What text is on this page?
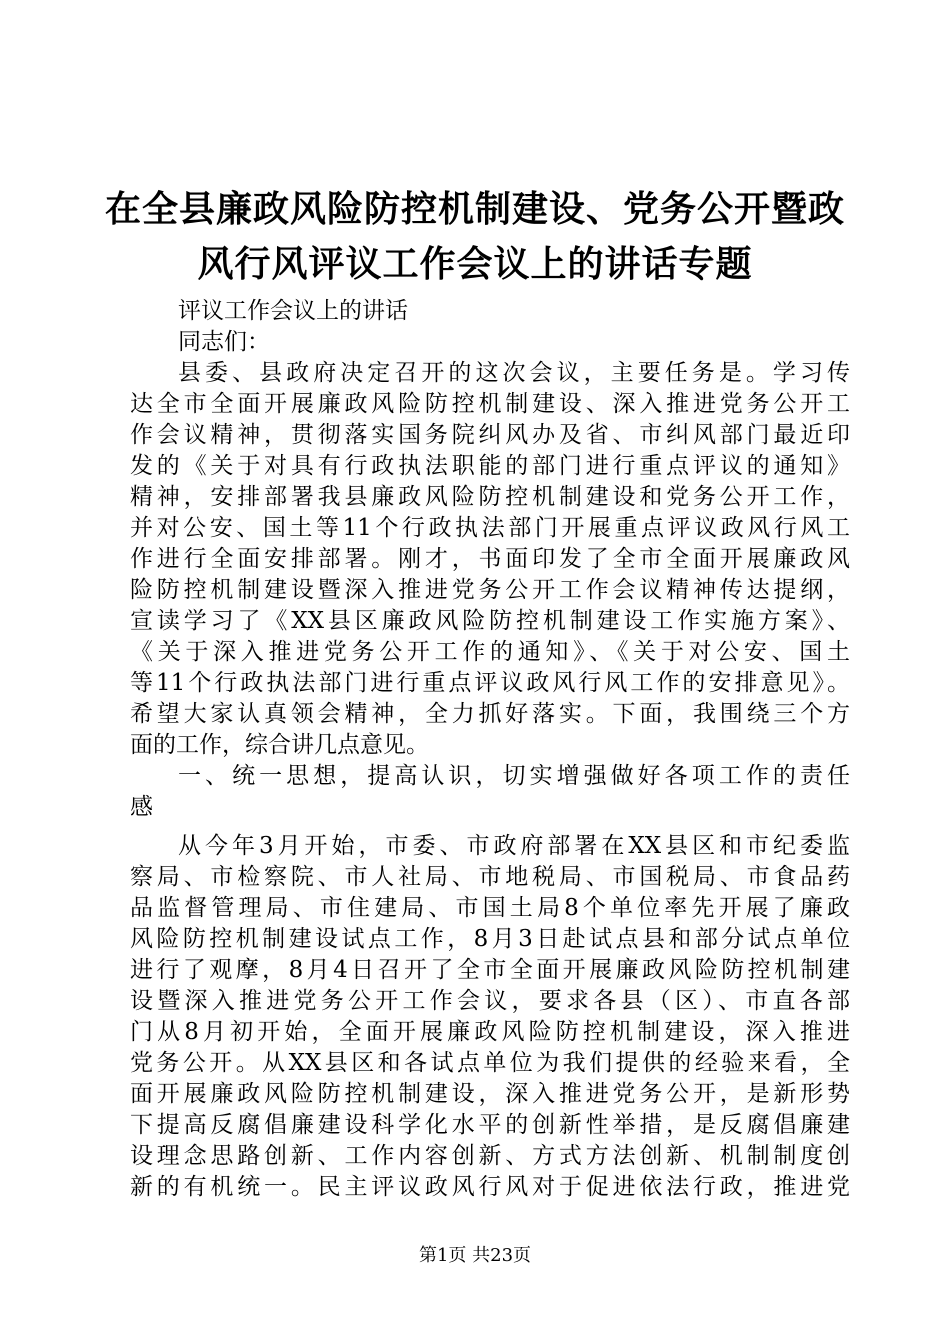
在全县廉政风险防控机制建设、党务公开暨政
风行风评议工作会议上的讲话专题
评议工作会议上的讲话
同志们：
县委、县政府决定召开的这次会议，主要任务是。学习传
达全市全面开展廉政风险防控机制建设、深入推进党务公开工
作会议精神，贯彻落实国务院纠风办及省、市纠风部门最近印
发的《关于对具有行政执法职能的部门进行重点评议的通知》
精神，安排部署我县廉政风险防控机制建设和党务公开工作，
并对公安、国土等11个行政执法部门开展重点评议政风行风工
作进行全面安排部署。刚才，书面印发了全市全面开展廉政风
险防控机制建设暨深入推进党务公开工作会议精神传达提纲，
宣读学习了《XX县区廉政风险防控机制建设工作实施方案》、
《关于深入推进党务公开工作的通知》、《关于对公安、国土
等11个行政执法部门进行重点评议政风行风工作的安排意见》。
希望大家认真领会精神，全力抓好落实。下面，我围绕三个方
面的工作，综合讲几点意见。
一、统一思想，提高认识，切实增强做好各项工作的责任
感
从今年3月开始，市委、市政府部署在XX县区和市纪委监
察局、市检察院、市人社局、市地税局、市国税局、市食品药
品监督管理局、市住建局、市国土局8个单位率先开展了廉政
风险防控机制建设试点工作，8月3日赴试点县和部分试点单位
进行了观摩，8月4日召开了全市全面开展廉政风险防控机制建
设暨深入推进党务公开工作会议，要求各县（区）、市直各部
门从8月初开始，全面开展廉政风险防控机制建设，深入推进
党务公开。从XX县区和各试点单位为我们提供的经验来看，全
面开展廉政风险防控机制建设，深入推进党务公开，是新形势
下提高反腐倡廉建设科学化水平的创新性举措，是反腐倡廉建
设理念思路创新、工作内容创新、方式方法创新、机制制度创
新的有机统一。民主评议政风行风对于促进依法行政，推进党
第1页 共23页
